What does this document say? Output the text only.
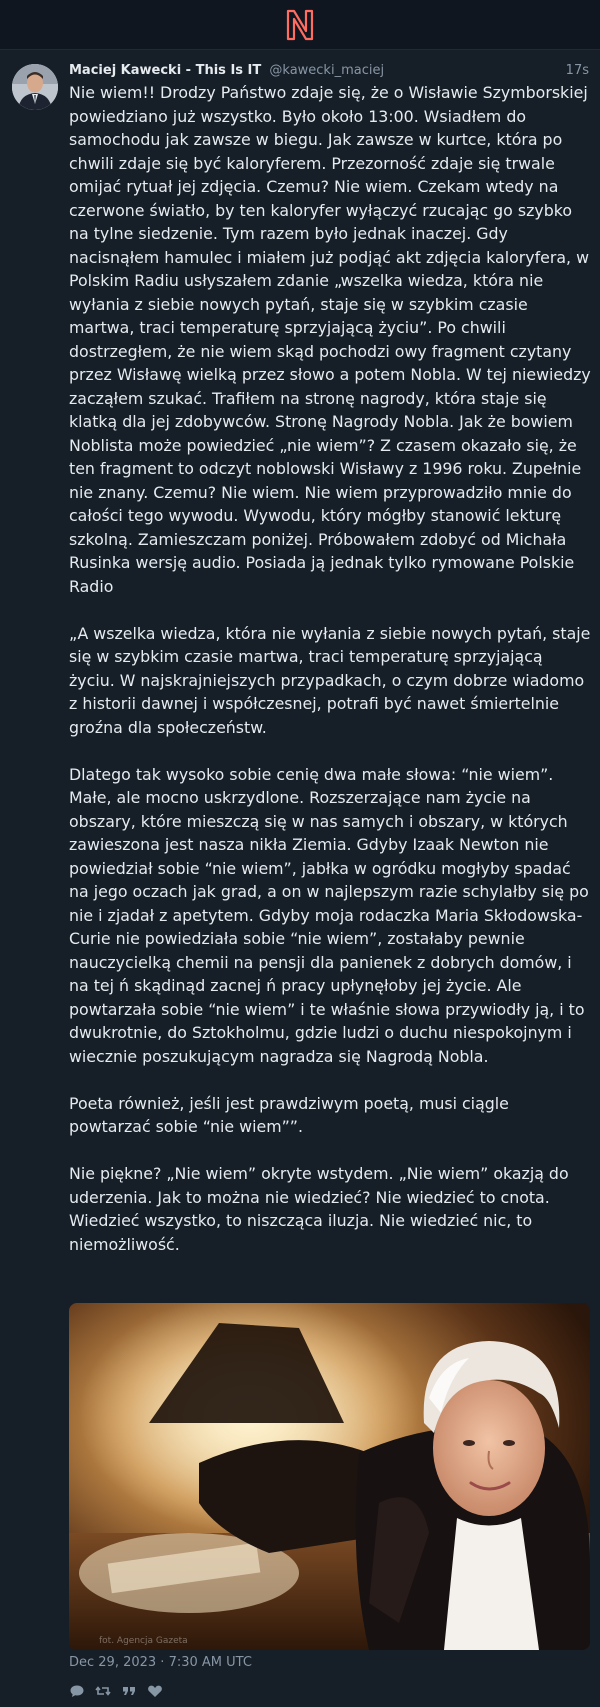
Maciej Kawecki - This Is IT @kawecki_maciej	17s
Nie wiem!! Drodzy Państwo zdaje się, że o Wisławie Szymborskiej powiedziano już wszystko. Było około 13:00. Wsiadłem do samochodu jak zawsze w biegu. Jak zawsze w kurtce, która po chwili zdaje się być kaloryferem. Przezorność zdaje się trwale omijać rytuał jej zdjęcia. Czemu? Nie wiem. Czekam wtedy na czerwone światło, by ten kaloryfer wyłączyć rzucając go szybko na tylne siedzenie. Tym razem było jednak inaczej. Gdy nacisnąłem hamulec i miałem już podjąć akt zdjęcia kaloryfera, w Polskim Radiu usłyszałem zdanie „wszelka wiedza, która nie wyłania z siebie nowych pytań, staje się w szybkim czasie martwa, traci temperaturę sprzyjającą życiu”. Po chwili dostrzegłem, że nie wiem skąd pochodzi owy fragment czytany przez Wisławę wielką przez słowo a potem Nobla. W tej niewiedzy zacząłem szukać. Trafiłem na stronę nagrody, która staje się klatką dla jej zdobywców. Stronę Nagrody Nobla. Jak że bowiem Noblista może powiedzieć „nie wiem”? Z czasem okazało się, że ten fragment to odczyt noblowski Wisławy z 1996 roku. Zupełnie nie znany. Czemu? Nie wiem. Nie wiem przyprowadziło mnie do całości tego wywodu. Wywodu, który mógłby stanowić lekturę szkolną. Zamieszczam poniżej. Próbowałem zdobyć od Michała Rusinka wersję audio. Posiada ją jednak tylko rymowane Polskie Radio

„A wszelka wiedza, która nie wyłania z siebie nowych pytań, staje się w szybkim czasie martwa, traci temperaturę sprzyjającą życiu. W najskrajniejszych przypadkach, o czym dobrze wiadomo z historii dawnej i współczesnej, potrafi być nawet śmiertelnie groźna dla społeczeństw.

Dlatego tak wysoko sobie cenię dwa małe słowa: “nie wiem”. Małe, ale mocno uskrzydlone. Rozszerzające nam życie na obszary, które mieszczą się w nas samych i obszary, w których zawieszona jest nasza nikła Ziemia. Gdyby Izaak Newton nie powiedział sobie “nie wiem”, jabłka w ogródku mogłyby spadać na jego oczach jak grad, a on w najlepszym razie schylałby się po nie i zjadał z apetytem. Gdyby moja rodaczka Maria Skłodowska-Curie nie powiedziała sobie “nie wiem”, zostałaby pewnie nauczycielką chemii na pensji dla panienek z dobrych domów, i na tej ń skądinąd zacnej ń pracy upłynęłoby jej życie. Ale powtarzała sobie “nie wiem” i te właśnie słowa przywiodły ją, i to dwukrotnie, do Sztokholmu, gdzie ludzi o duchu niespokojnym i wiecznie poszukującym nagradza się Nagrodą Nobla.

Poeta również, jeśli jest prawdziwym poetą, musi ciągle powtarzać sobie “nie wiem””.

Nie piękne? „Nie wiem” okryte wstydem. „Nie wiem” okazją do uderzenia. Jak to można nie wiedzieć? Nie wiedzieć to cnota. Wiedzieć wszystko, to niszcząca iluzja. Nie wiedzieć nic, to niemożliwość.
fot. Agencja Gazeta
Dec 29, 2023 · 7:30 AM UTC
